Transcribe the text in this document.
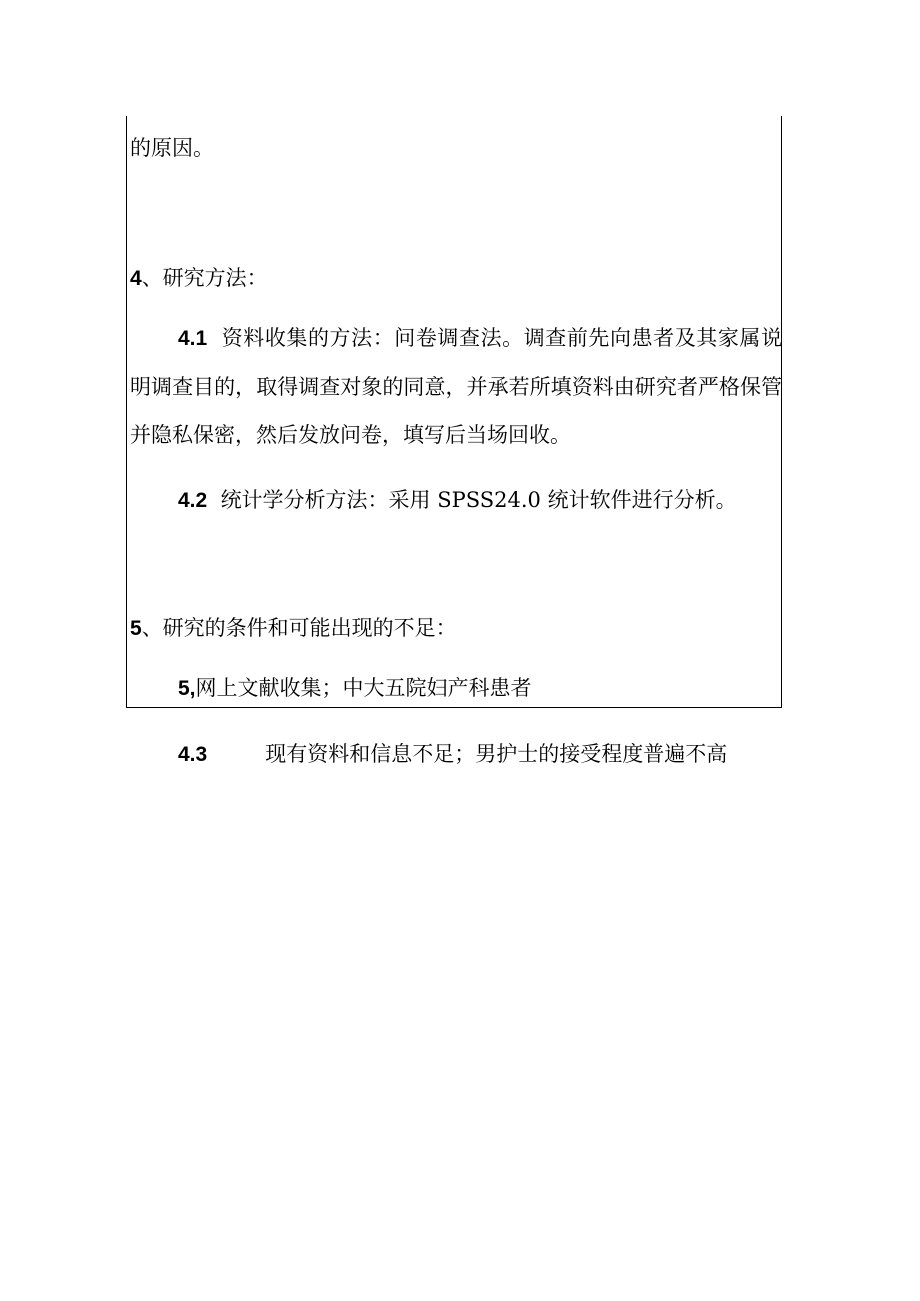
的原因。
4、研究方法：
4.1 资料收集的方法：问卷调查法。调查前先向患者及其家属说明调查目的，取得调查对象的同意，并承若所填资料由研究者严格保管并隐私保密，然后发放问卷，填写后当场回收。
4.2 统计学分析方法：采用 SPSS24.0 统计软件进行分析。
5、研究的条件和可能出现的不足：
5,网上文献收集；中大五院妇产科患者
4.3	现有资料和信息不足；男护士的接受程度普遍不高
